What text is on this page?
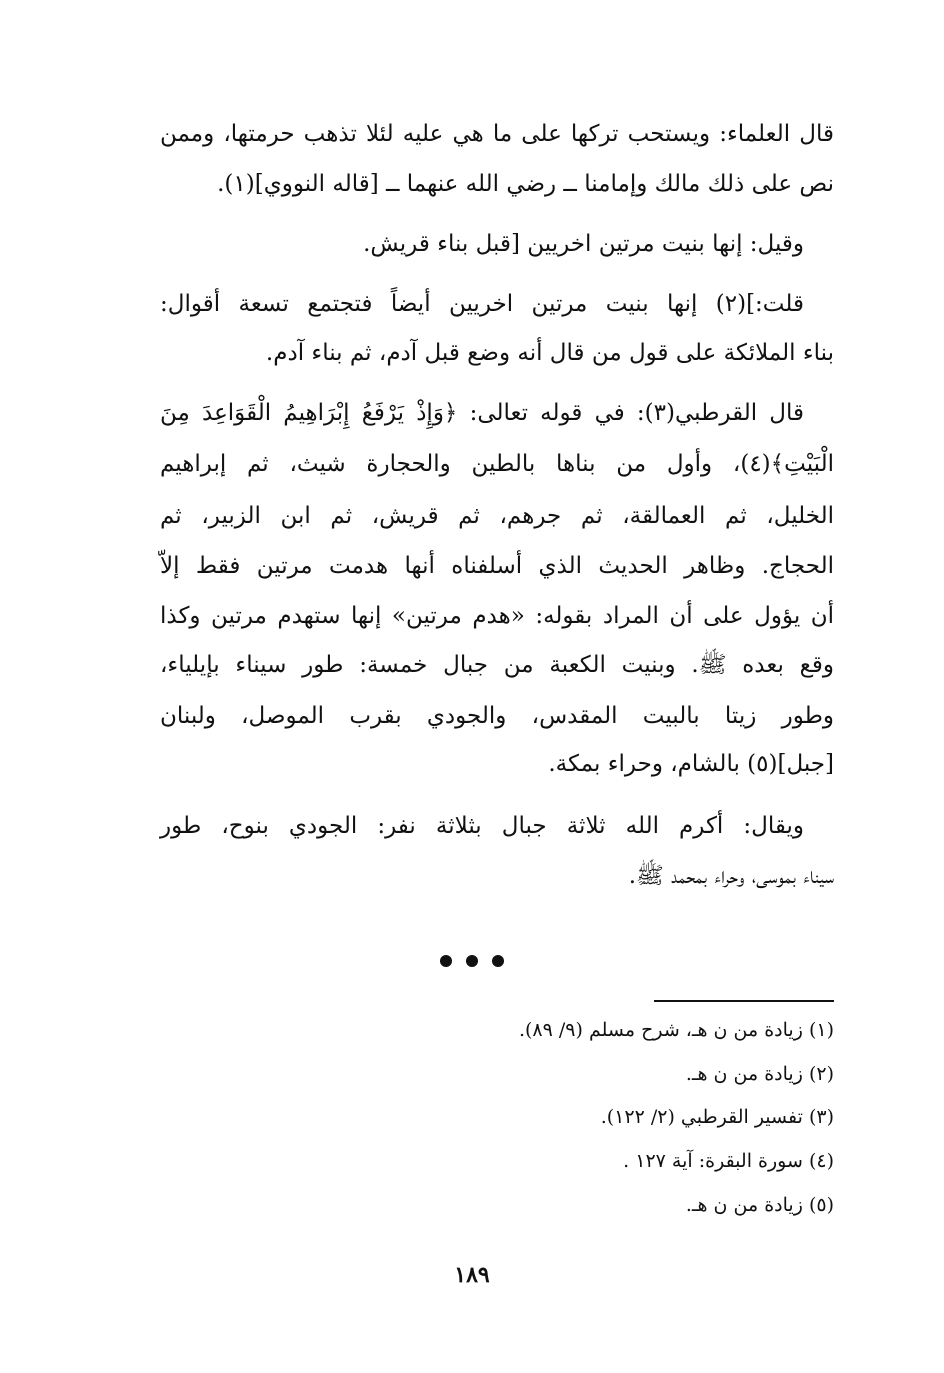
قال العلماء: ويستحب تركها على ما هي عليه لئلا تذهب حرمتها، وممن
نص على ذلك مالك وإمامنا ــ رضي الله عنهما ــ [قاله النووي](١).
وقيل: إنها بنيت مرتين اخريين [قبل بناء قريش.
قلت:](٢) إنها بنيت مرتين اخريين أيضاً فتجتمع تسعة أقوال:
بناء الملائكة على قول من قال أنه وضع قبل آدم، ثم بناء آدم.
قال القرطبي(٣): في قوله تعالى: ﴿وَإِذْ يَرْفَعُ إِبْرَاهِيمُ الْقَوَاعِدَ مِنَ
الْبَيْتِ﴾(٤)، وأول من بناها بالطين والحجارة شيث، ثم إبراهيم
الخليل، ثم العمالقة، ثم جرهم، ثم قريش، ثم ابن الزبير، ثم
الحجاج. وظاهر الحديث الذي أسلفناه أنها هدمت مرتين فقط إلاّ
أن يؤول على أن المراد بقوله: «هدم مرتين» إنها ستهدم مرتين وكذا
وقع بعده ﷺ. وبنيت الكعبة من جبال خمسة: طور سيناء بإيلياء،
وطور زيتا بالبيت المقدس، والجودي بقرب الموصل، ولبنان
[جبل](٥) بالشام، وحراء بمكة.
ويقال: أكرم الله ثلاثة جبال بثلاثة نفر: الجودي بنوح، طور
سيناء بموسى، وحراء بمحمد ﷺ.
(١) زيادة من ن هـ، شرح مسلم (٩/ ٨٩).
(٢) زيادة من ن هـ.
(٣) تفسير القرطبي (٢/ ١٢٢).
(٤) سورة البقرة: آية ١٢٧ .
(٥) زيادة من ن هـ.
١٨٩
